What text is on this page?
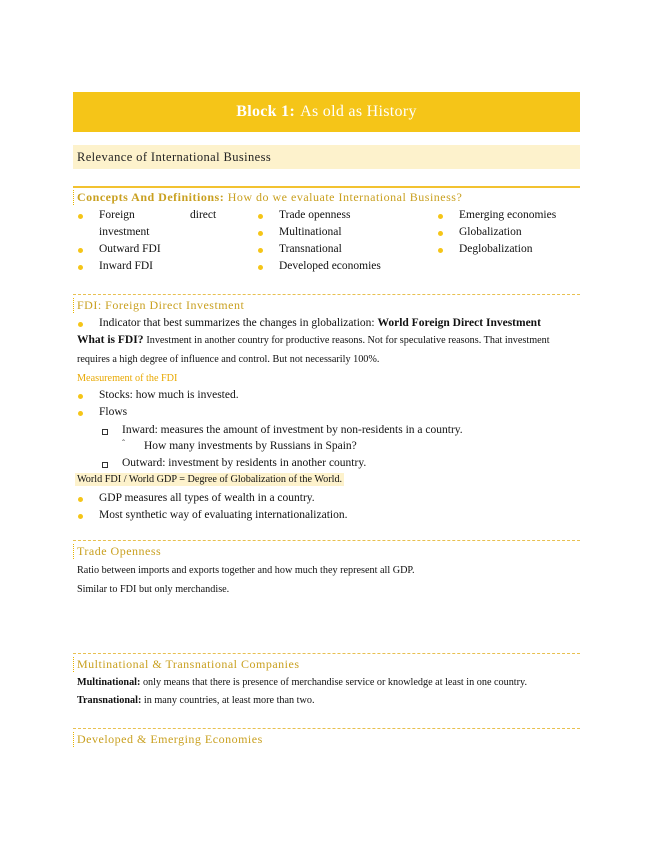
Block 1: As old as History
Relevance of International Business
Concepts And Definitions: How do we evaluate International Business?
Foreign	direct
investment
Outward FDI
Inward FDI
Trade openness
Multinational
Transnational
Developed economies
Emerging economies
Globalization
Deglobalization
FDI: Foreign Direct Investment
Indicator that best summarizes the changes in globalization: World Foreign Direct Investment
What is FDI? Investment in another country for productive reasons. Not for speculative reasons. That investment
requires a high degree of influence and control. But not necessarily 100%.
Measurement of the FDI
Stocks: how much is invested.
Flows
Inward: measures the amount of investment by non-residents in a country.
ˆ How many investments by Russians in Spain?
Outward: investment by residents in another country.
World FDI / World GDP = Degree of Globalization of the World.
GDP measures all types of wealth in a country.
Most synthetic way of evaluating internationalization.
Trade Openness
Ratio between imports and exports together and how much they represent all GDP.
Similar to FDI but only merchandise.
Multinational & Transnational Companies
Multinational: only means that there is presence of merchandise service or knowledge at least in one country.
Transnational: in many countries, at least more than two.
Developed & Emerging Economies
